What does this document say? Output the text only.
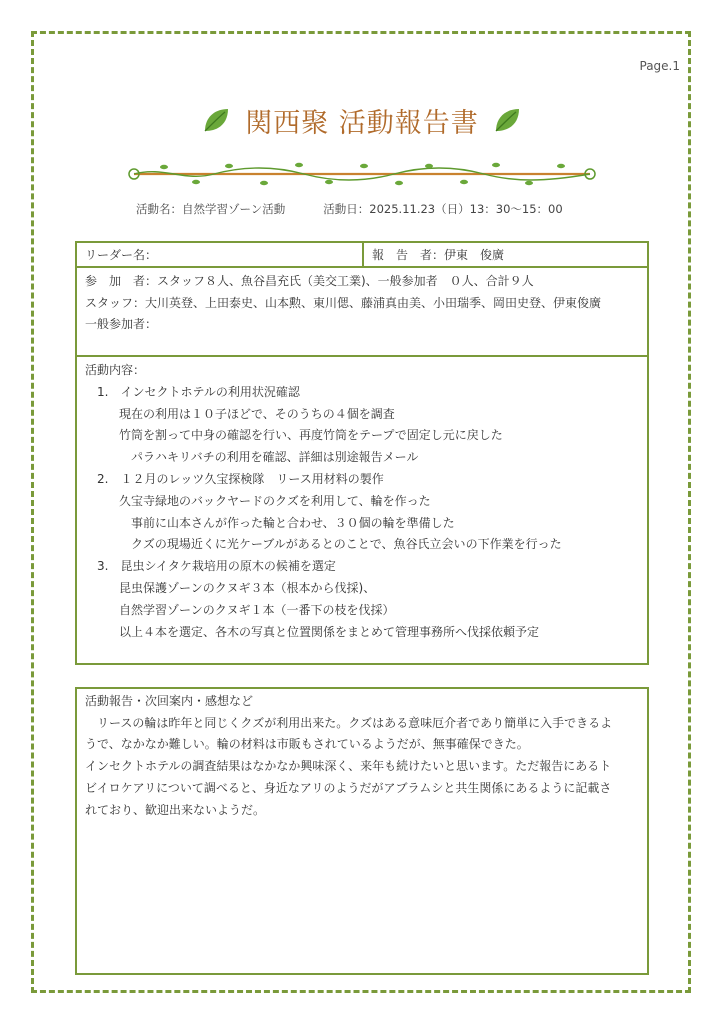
Page.1
関西聚 活動報告書
活動名：自然学習ゾーン活動	活動日：2025.11.23（日）13：30〜15：00
リーダー名：	報　告　者：伊東　俊廣
参　加　者：スタッフ８人、魚谷昌充氏（美交工業)、一般参加者　０人、合計９人
スタッフ：大川英登、上田泰史、山本勲、東川偲、藤浦真由美、小田瑞季、岡田史登、伊東俊廣
一般参加者：
活動内容：
1.　インセクトホテルの利用状況確認
現在の利用は１０子ほどで、そのうちの４個を調査
竹筒を割って中身の確認を行い、再度竹筒をテープで固定し元に戻した
パラハキリバチの利用を確認、詳細は別途報告メール
2.　１２月のレッツ久宝探検隊　リース用材料の製作
久宝寺緑地のバックヤードのクズを利用して、輪を作った
事前に山本さんが作った輪と合わせ、３０個の輪を準備した
クズの現場近くに光ケーブルがあるとのことで、魚谷氏立会いの下作業を行った
3.　昆虫シイタケ栽培用の原木の候補を選定
昆虫保護ゾーンのクヌギ３本（根本から伐採)、
自然学習ゾーンのクヌギ１本（一番下の枝を伐採）
以上４本を選定、各木の写真と位置関係をまとめて管理事務所へ伐採依頼予定
活動報告・次回案内・感想など
リースの輪は昨年と同じくクズが利用出来た。クズはある意味厄介者であり簡単に入手できるよ
うで、なかなか難しい。輪の材料は市販もされているようだが、無事確保できた。
インセクトホテルの調査結果はなかなか興味深く、来年も続けたいと思います。ただ報告にあるト
ビイロケアリについて調べると、身近なアリのようだがアブラムシと共生関係にあるように記載さ
れており、歓迎出来ないようだ。
